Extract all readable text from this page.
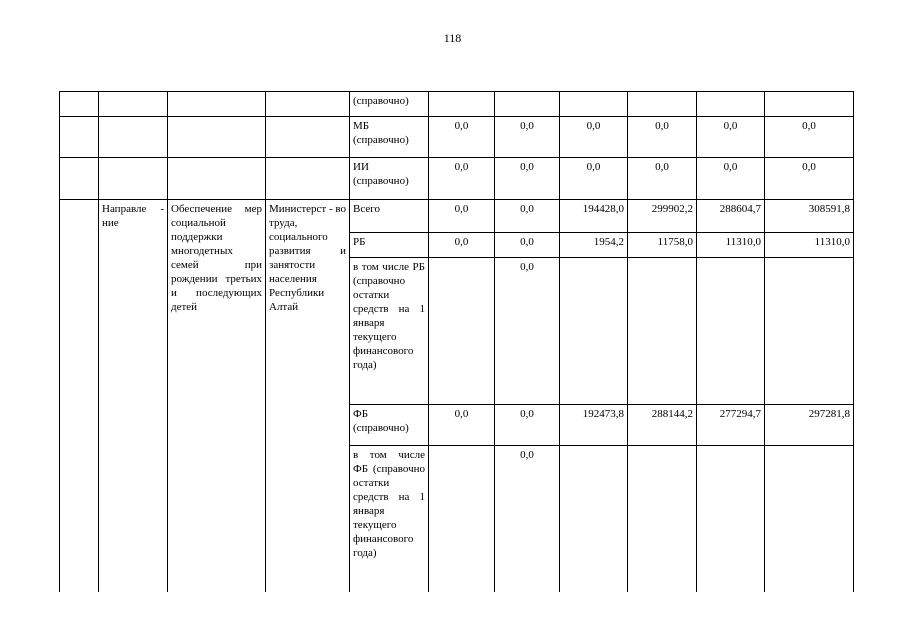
118
				(справочно)						
				МБ (справочно)	0,0	0,0	0,0	0,0	0,0	0,0
				ИИ (справочно)	0,0	0,0	0,0	0,0	0,0	0,0
	Направле - ние	Обеспечение мер социальной поддержки многодетных семей при рождении третьих и последующих детей	Министерст - во труда, социального развития и занятости населения Республики Алтай	Всего	0,0	0,0	194428,0	299902,2	288604,7	308591,8
				РБ	0,0	0,0	1954,2	11758,0	11310,0	11310,0
				в том числе РБ (справочно остатки средств на 1 января текущего финансового года)		0,0				
				ФБ (справочно)	0,0	0,0	192473,8	288144,2	277294,7	297281,8
				в том числе ФБ (справочно остатки средств на 1 января текущего финансового года)		0,0				
